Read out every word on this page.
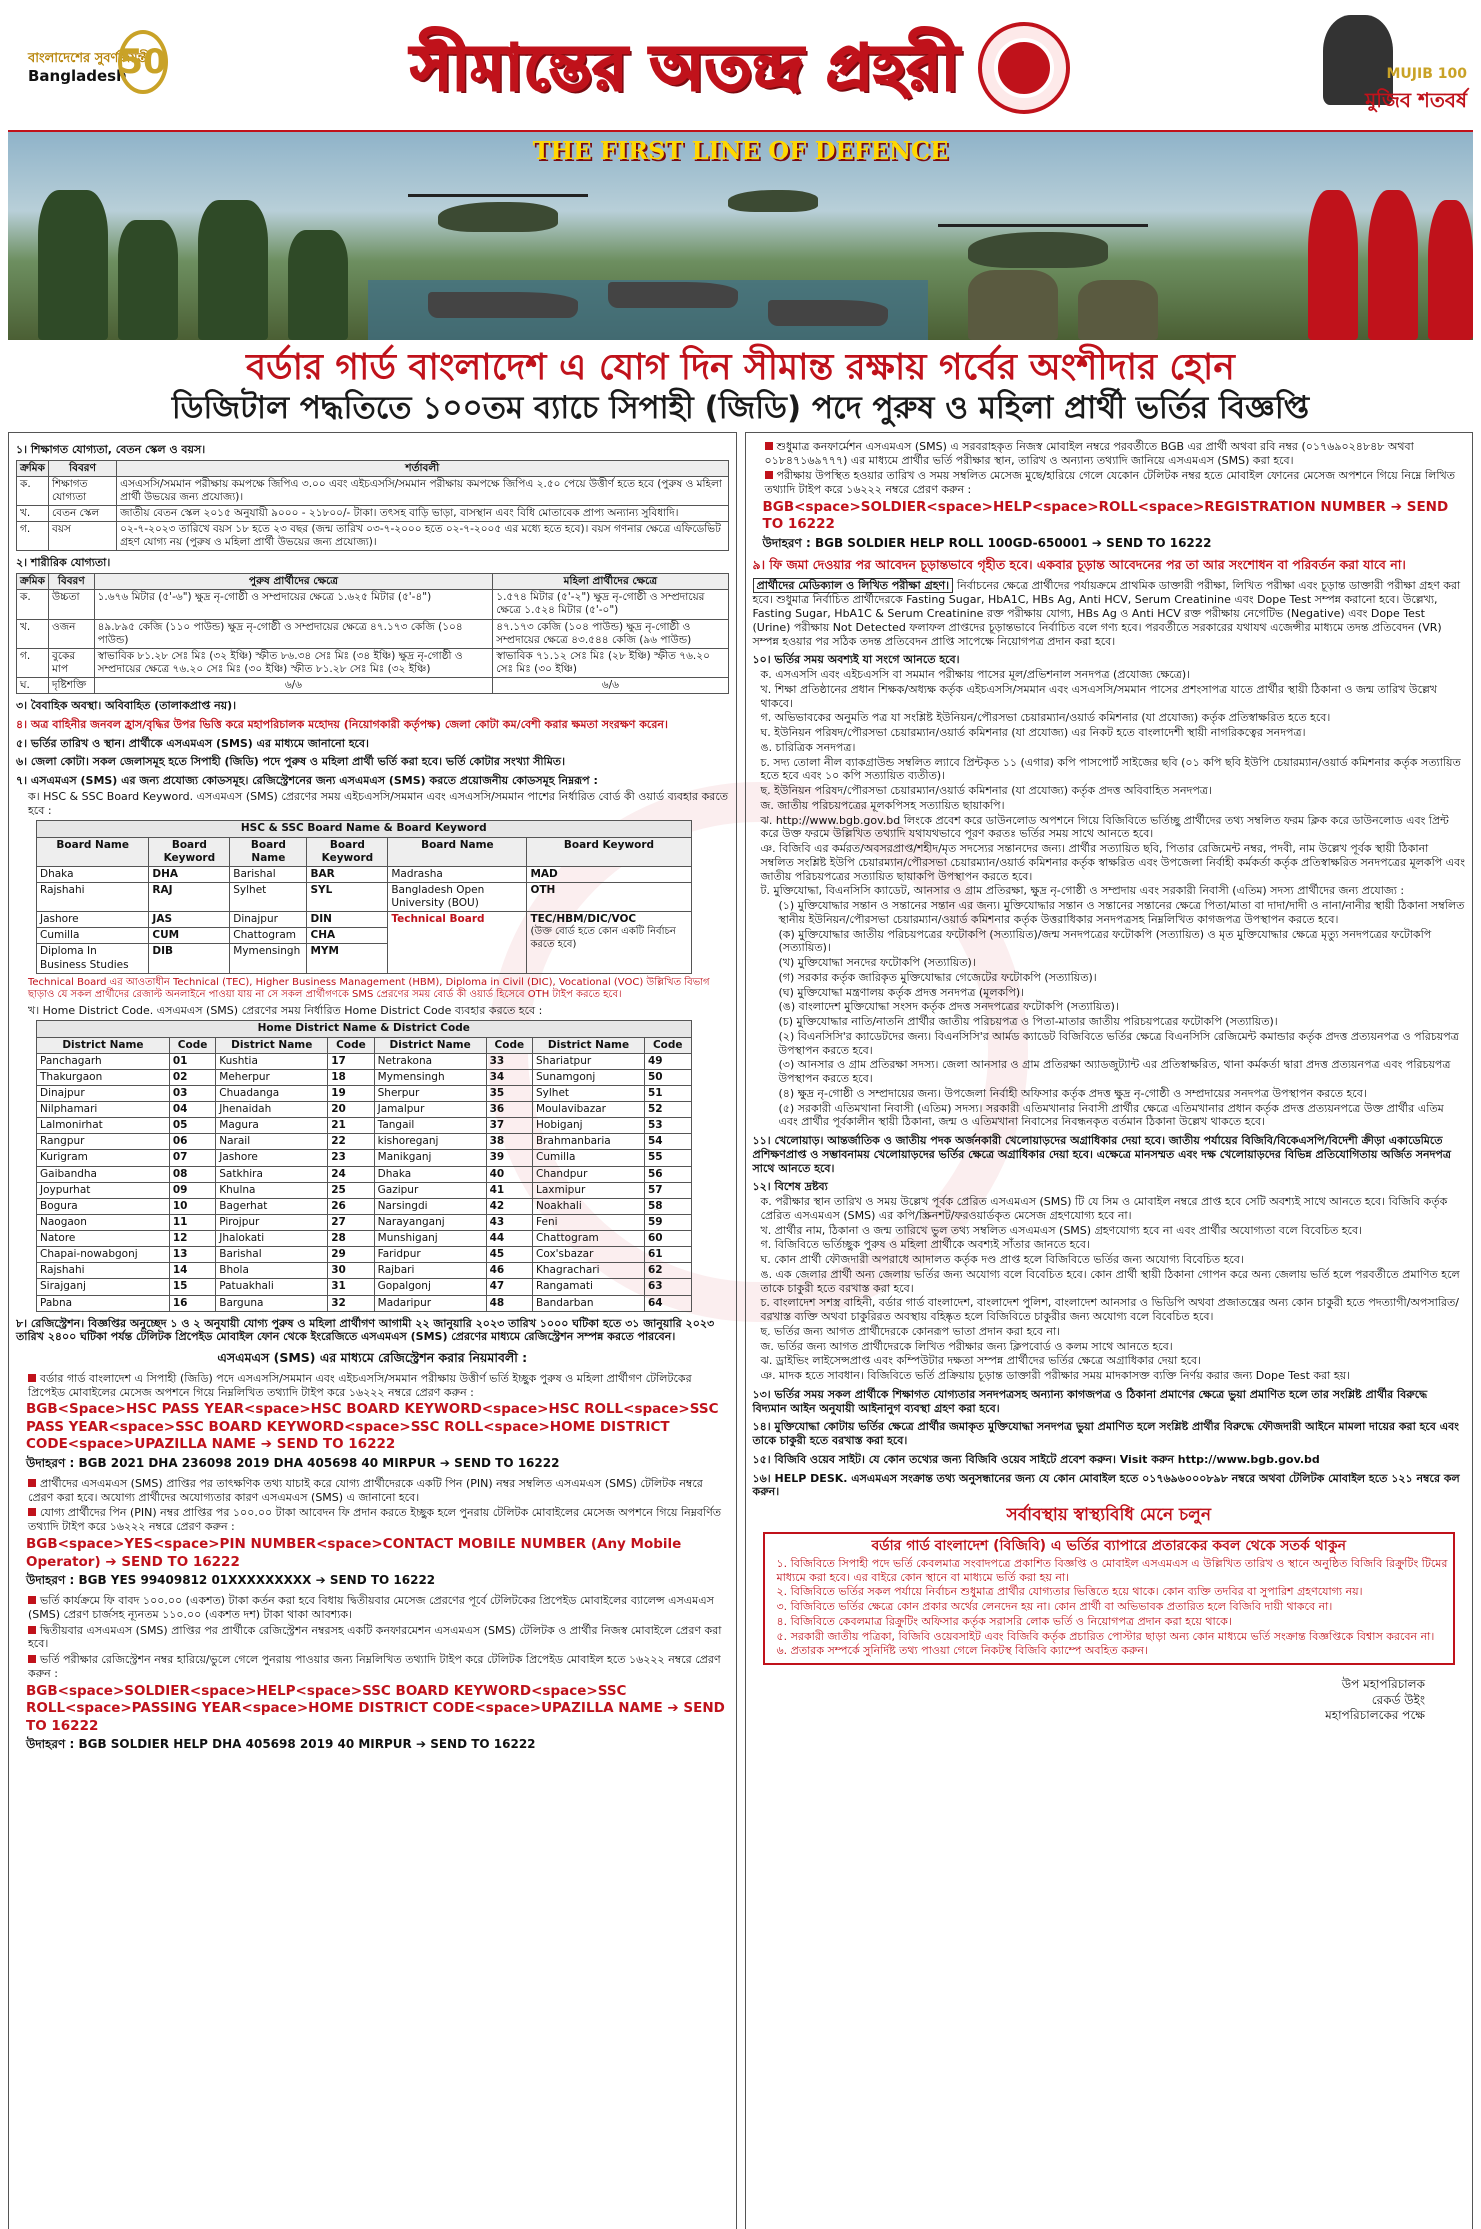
বাংলাদেশের সুবর্ণজয়ন্তী
Bangladesh
50	সীমান্তের অতন্দ্র প্রহরী	MUJIB 100
মুজিব শতবর্ষ
THE FIRST LINE OF DEFENCE
বর্ডার গার্ড বাংলাদেশ এ যোগ দিন সীমান্ত রক্ষায় গর্বের অংশীদার হোন
ডিজিটাল পদ্ধতিতে ১০০তম ব্যাচে সিপাহী (জিডি) পদে পুরুষ ও মহিলা প্রার্থী ভর্তির বিজ্ঞপ্তি
১। শিক্ষাগত যোগ্যতা, বেতন স্কেল ও বয়স।
ক্রমিক	বিবরণ	শর্তাবলী
ক.	শিক্ষাগত যোগ্যতা	এসএসসি/সমমান পরীক্ষায় কমপক্ষে জিপিএ ৩.০০ এবং এইচএসসি/সমমান পরীক্ষায় কমপক্ষে জিপিএ ২.৫০ পেয়ে উত্তীর্ণ হতে হবে (পুরুষ ও মহিলা প্রার্থী উভয়ের জন্য প্রযোজ্য)।
খ.	বেতন স্কেল	জাতীয় বেতন স্কেল ২০১৫ অনুযায়ী ৯০০০ - ২১৮০০/- টাকা। তৎসহ বাড়ি ভাড়া, বাসস্থান এবং বিধি মোতাবেক প্রাপ্য অন্যান্য সুবিধাদি।
গ.	বয়স	০২-৭-২০২৩ তারিখে বয়স ১৮ হতে ২৩ বছর (জন্ম তারিখ ০৩-৭-২০০০ হতে ০২-৭-২০০৫ এর মধ্যে হতে হবে)। বয়স গণনার ক্ষেত্রে এফিডেভিট গ্রহণ যোগ্য নয় (পুরুষ ও মহিলা প্রার্থী উভয়ের জন্য প্রযোজ্য)।
২। শারীরিক যোগ্যতা।
ক্রমিক	বিবরণ	পুরুষ প্রার্থীদের ক্ষেত্রে	মহিলা প্রার্থীদের ক্ষেত্রে
ক.	উচ্চতা	১.৬৭৬ মিটার (৫'-৬") ক্ষুদ্র নৃ-গোষ্ঠী ও সম্প্রদায়ের ক্ষেত্রে ১.৬২৫ মিটার (৫'-৪")	১.৫৭৪ মিটার (৫'-২") ক্ষুদ্র নৃ-গোষ্ঠী ও সম্প্রদায়ের ক্ষেত্রে ১.৫২৪ মিটার (৫'-০")
খ.	ওজন	৪৯.৮৯৫ কেজি (১১০ পাউন্ড) ক্ষুদ্র নৃ-গোষ্ঠী ও সম্প্রদায়ের ক্ষেত্রে ৪৭.১৭৩ কেজি (১০৪ পাউন্ড)	৪৭.১৭৩ কেজি (১০৪ পাউন্ড) ক্ষুদ্র নৃ-গোষ্ঠী ও সম্প্রদায়ের ক্ষেত্রে ৪৩.৫৪৪ কেজি (৯৬ পাউন্ড)
গ.	বুকের মাপ	স্বাভাবিক ৮১.২৮ সেঃ মিঃ (৩২ ইঞ্চি) স্ফীত ৮৬.৩৪ সেঃ মিঃ (৩৪ ইঞ্চি) ক্ষুদ্র নৃ-গোষ্ঠী ও সম্প্রদায়ের ক্ষেত্রে ৭৬.২০ সেঃ মিঃ (৩০ ইঞ্চি) স্ফীত ৮১.২৮ সেঃ মিঃ (৩২ ইঞ্চি)	স্বাভাবিক ৭১.১২ সেঃ মিঃ (২৮ ইঞ্চি) স্ফীত ৭৬.২০ সেঃ মিঃ (৩০ ইঞ্চি)
ঘ.	দৃষ্টিশক্তি	৬/৬	৬/৬
৩। বৈবাহিক অবস্থা। অবিবাহিত (তালাকপ্রাপ্ত নয়)।
৪। অত্র বাহিনীর জনবল হ্রাস/বৃদ্ধির উপর ভিত্তি করে মহাপরিচালক মহোদয় (নিয়োগকারী কর্তৃপক্ষ) জেলা কোটা কম/বেশী করার ক্ষমতা সংরক্ষণ করেন।
৫। ভর্তির তারিখ ও স্থান। প্রার্থীকে এসএমএস (SMS) এর মাধ্যমে জানানো হবে।
৬। জেলা কোটা। সকল জেলাসমূহ হতে সিপাহী (জিডি) পদে পুরুষ ও মহিলা প্রার্থী ভর্তি করা হবে। ভর্তি কোটার সংখ্যা সীমিত।
৭। এসএমএস (SMS) এর জন্য প্রযোজ্য কোডসমূহ। রেজিস্ট্রেশনের জন্য এসএমএস (SMS) করতে প্রয়োজনীয় কোডসমূহ নিম্নরূপ :
ক। HSC & SSC Board Keyword. এসএমএস (SMS) প্রেরণের সময় এইচএসসি/সমমান এবং এসএসসি/সমমান পাশের নির্ধারিত বোর্ড কী ওয়ার্ড ব্যবহার করতে হবে :
HSC & SSC Board Name & Board Keyword					
Board Name	Board Keyword	Board Name	Board Keyword	Board Name	Board Keyword
Dhaka	DHA	Barishal	BAR	Madrasha	MAD
Rajshahi	RAJ	Sylhet	SYL	Bangladesh Open University (BOU)	OTH
Jashore	JAS	Dinajpur	DIN	Technical Board	TEC/HBM/DIC/VOC
(উক্ত বোর্ড হতে কোন একটি নির্বাচন করতে হবে)

Cumilla	CUM	Chattogram	CHA		
Diploma In Business Studies	DIB	Mymensingh	MYM		
Technical Board এর আওতাধীন Technical (TEC), Higher Business Management (HBM), Diploma in Civil (DIC), Vocational (VOC) উল্লিখিত বিভাগ ছাড়াও যে সকল প্রার্থীদের রেজাল্ট অনলাইনে পাওয়া যায় না সে সকল প্রার্থীগণকে SMS প্রেরণের সময় বোর্ড কী ওয়ার্ড হিসেবে OTH টাইপ করতে হবে।
খ। Home District Code. এসএমএস (SMS) প্রেরণের সময় নির্ধারিত Home District Code ব্যবহার করতে হবে :
Home District Name & District Code							
District Name	Code	District Name	Code	District Name	Code	District Name	Code
Panchagarh	01	Kushtia	17	Netrakona	33	Shariatpur	49
Thakurgaon	02	Meherpur	18	Mymensingh	34	Sunamgonj	50
Dinajpur	03	Chuadanga	19	Sherpur	35	Sylhet	51
Nilphamari	04	Jhenaidah	20	Jamalpur	36	Moulavibazar	52
Lalmonirhat	05	Magura	21	Tangail	37	Hobiganj	53
Rangpur	06	Narail	22	kishoreganj	38	Brahmanbaria	54
Kurigram	07	Jashore	23	Manikganj	39	Cumilla	55
Gaibandha	08	Satkhira	24	Dhaka	40	Chandpur	56
Joypurhat	09	Khulna	25	Gazipur	41	Laxmipur	57
Bogura	10	Bagerhat	26	Narsingdi	42	Noakhali	58
Naogaon	11	Pirojpur	27	Narayanganj	43	Feni	59
Natore	12	Jhalokati	28	Munshiganj	44	Chattogram	60
Chapai-nowabgonj	13	Barishal	29	Faridpur	45	Cox'sbazar	61
Rajshahi	14	Bhola	30	Rajbari	46	Khagrachari	62
Sirajganj	15	Patuakhali	31	Gopalgonj	47	Rangamati	63
Pabna	16	Barguna	32	Madaripur	48	Bandarban	64
৮। রেজিস্ট্রেশন। বিজ্ঞপ্তির অনুচ্ছেদ ১ ও ২ অনুযায়ী যোগ্য পুরুষ ও মহিলা প্রার্থীগণ আগামী ২২ জানুয়ারি ২০২৩ তারিখ ১০০০ ঘটিকা হতে ৩১ জানুয়ারি ২০২৩ তারিখ ২৪০০ ঘটিকা পর্যন্ত টেলিটক প্রিপেইড মোবাইল ফোন থেকে ইংরেজিতে এসএমএস (SMS) প্রেরণের মাধ্যমে রেজিস্ট্রেশন সম্পন্ন করতে পারবেন।
এসএমএস (SMS) এর মাধ্যমে রেজিস্ট্রেশন করার নিয়মাবলী :
বর্ডার গার্ড বাংলাদেশ এ সিপাহী (জিডি) পদে এসএসসি/সমমান এবং এইচএসসি/সমমান পরীক্ষায় উত্তীর্ণ ভর্তি ইচ্ছুক পুরুষ ও মহিলা প্রার্থীগণ টেলিটকের প্রিপেইড মোবাইলের মেসেজ অপশনে গিয়ে নিম্নলিখিত তথ্যাদি টাইপ করে ১৬২২২ নম্বরে প্রেরণ করুন :
BGB<Space>HSC PASS YEAR<space>HSC BOARD KEYWORD<space>HSC ROLL<space>SSC PASS YEAR<space>SSC BOARD KEYWORD<space>SSC ROLL<space>HOME DISTRICT CODE<space>UPAZILLA NAME ➔ SEND TO 16222
উদাহরণ : BGB 2021 DHA 236098 2019 DHA 405698 40 MIRPUR ➔ SEND TO 16222
প্রার্থীদের এসএমএস (SMS) প্রাপ্তির পর তাৎক্ষণিক তথ্য যাচাই করে যোগ্য প্রার্থীদেরকে একটি পিন (PIN) নম্বর সম্বলিত এসএমএস (SMS) টেলিটক নম্বরে প্রেরণ করা হবে। অযোগ্য প্রার্থীদের অযোগ্যতার কারণ এসএমএস (SMS) এ জানানো হবে।
যোগ্য প্রার্থীদের পিন (PIN) নম্বর প্রাপ্তির পর ১০০.০০ টাকা আবেদন ফি প্রদান করতে ইচ্ছুক হলে পুনরায় টেলিটক মোবাইলের মেসেজ অপশনে গিয়ে নিম্নবর্ণিত তথ্যাদি টাইপ করে ১৬২২২ নম্বরে প্রেরণ করুন :
BGB<space>YES<space>PIN NUMBER<space>CONTACT MOBILE NUMBER (Any Mobile Operator) ➔ SEND TO 16222
উদাহরণ : BGB YES 99409812 01XXXXXXXXX ➔ SEND TO 16222
ভর্তি কার্যক্রমে ফি বাবদ ১০০.০০ (একশত) টাকা কর্তন করা হবে বিধায় দ্বিতীয়বার মেসেজ প্রেরণের পূর্বে টেলিটকের প্রিপেইড মোবাইলের ব্যালেন্স এসএমএস (SMS) প্রেরণ চার্জসহ ন্যূনতম ১১০.০০ (একশত দশ) টাকা থাকা আবশ্যক।
দ্বিতীয়বার এসএমএস (SMS) প্রাপ্তির পর প্রার্থীকে রেজিস্ট্রেশন নম্বরসহ একটি কনফারমেশন এসএমএস (SMS) টেলিটক ও প্রার্থীর নিজস্ব মোবাইলে প্রেরণ করা হবে।
ভর্তি পরীক্ষার রেজিস্ট্রেশন নম্বর হারিয়ে/ভুলে গেলে পুনরায় পাওয়ার জন্য নিম্নলিখিত তথ্যাদি টাইপ করে টেলিটক প্রিপেইড মোবাইল হতে ১৬২২২ নম্বরে প্রেরণ করুন :
BGB<space>SOLDIER<space>HELP<space>SSC BOARD KEYWORD<space>SSC ROLL<space>PASSING YEAR<space>HOME DISTRICT CODE<space>UPAZILLA NAME ➔ SEND TO 16222
উদাহরণ : BGB SOLDIER HELP DHA 405698 2019 40 MIRPUR ➔ SEND TO 16222
শুধুমাত্র কনফার্মেশন এসএমএস (SMS) এ সরবরাহকৃত নিজস্ব মোবাইল নম্বরে পরবর্তীতে BGB এর প্রার্থী অথবা রবি নম্বর (০১৭৬৯০২৪৮৪৮ অথবা ০১৮৪৭১৬৯৭৭৭) এর মাধ্যমে প্রার্থীর ভর্তি পরীক্ষার স্থান, তারিখ ও অন্যান্য তথ্যাদি জানিয়ে এসএমএস (SMS) করা হবে।
পরীক্ষায় উপস্থিত হওয়ার তারিখ ও সময় সম্বলিত মেসেজ মুছে/হারিয়ে গেলে যেকোন টেলিটক নম্বর হতে মোবাইল ফোনের মেসেজ অপশনে গিয়ে নিম্নে লিখিত তথ্যাদি টাইপ করে ১৬২২২ নম্বরে প্রেরণ করুন :
BGB<space>SOLDIER<space>HELP<space>ROLL<space>REGISTRATION NUMBER ➔ SEND TO 16222
উদাহরণ : BGB SOLDIER HELP ROLL 100GD-650001 ➔ SEND TO 16222
৯। ফি জমা দেওয়ার পর আবেদন চূড়ান্তভাবে গৃহীত হবে। একবার চূড়ান্ত আবেদনের পর তা আর সংশোধন বা পরিবর্তন করা যাবে না।
প্রার্থীদের মেডিক্যাল ও লিখিত পরীক্ষা গ্রহণ। নির্বাচনের ক্ষেত্রে প্রার্থীদের পর্যায়ক্রমে প্রাথমিক ডাক্তারী পরীক্ষা, লিখিত পরীক্ষা এবং চূড়ান্ত ডাক্তারী পরীক্ষা গ্রহণ করা হবে। শুধুমাত্র নির্বাচিত প্রার্থীদেরকে Fasting Sugar, HbA1C, HBs Ag, Anti HCV, Serum Creatinine এবং Dope Test সম্পন্ন করানো হবে। উল্লেখ্য, Fasting Sugar, HbA1C & Serum Creatinine রক্ত পরীক্ষায় যোগ্য, HBs Ag ও Anti HCV রক্ত পরীক্ষায় নেগেটিভ (Negative) এবং Dope Test (Urine) পরীক্ষায় Not Detected ফলাফল প্রাপ্তদের চূড়ান্তভাবে নির্বাচিত বলে গণ্য হবে। পরবর্তীতে সরকারের যথাযথ এজেন্সীর মাধ্যমে তদন্ত প্রতিবেদন (VR) সম্পন্ন হওয়ার পর সঠিক তদন্ত প্রতিবেদন প্রাপ্তি সাপেক্ষে নিয়োগপত্র প্রদান করা হবে।
১০। ভর্তির সময় অবশ্যই যা সংগে আনতে হবে।
ক. এসএসসি এবং এইচএসসি বা সমমান পরীক্ষায় পাসের মূল/প্রভিশনাল সনদপত্র (প্রযোজ্য ক্ষেত্রে)।
খ. শিক্ষা প্রতিষ্ঠানের প্রধান শিক্ষক/অধ্যক্ষ কর্তৃক এইচএসসি/সমমান এবং এসএসসি/সমমান পাসের প্রশংসাপত্র যাতে প্রার্থীর স্থায়ী ঠিকানা ও জন্ম তারিখ উল্লেখ থাকবে।
গ. অভিভাবকের অনুমতি পত্র যা সংশ্লিষ্ট ইউনিয়ন/পৌরসভা চেয়ারম্যান/ওয়ার্ড কমিশনার (যা প্রযোজ্য) কর্তৃক প্রতিস্বাক্ষরিত হতে হবে।
ঘ. ইউনিয়ন পরিষদ/পৌরসভা চেয়ারম্যান/ওয়ার্ড কমিশনার (যা প্রযোজ্য) এর নিকট হতে বাংলাদেশী স্থায়ী নাগরিকত্বের সনদপত্র।
ঙ. চারিত্রিক সনদপত্র।
চ. সদ্য তোলা নীল ব্যাকগ্রাউন্ড সম্বলিত ল্যাবে প্রিন্টকৃত ১১ (এগার) কপি পাসপোর্ট সাইজের ছবি (০১ কপি ছবি ইউপি চেয়ারম্যান/ওয়ার্ড কমিশনার কর্তৃক সত্যায়িত হতে হবে এবং ১০ কপি সত্যায়িত ব্যতীত)।
ছ. ইউনিয়ন পরিষদ/পৌরসভা চেয়ারম্যান/ওয়ার্ড কমিশনার (যা প্রযোজ্য) কর্তৃক প্রদত্ত অবিবাহিত সনদপত্র।
জ. জাতীয় পরিচয়পত্রের মূলকপিসহ সত্যায়িত ছায়াকপি।
ঝ. http://www.bgb.gov.bd লিংকে প্রবেশ করে ডাউনলোড অপশনে গিয়ে বিজিবিতে ভর্তিচ্ছু প্রার্থীদের তথ্য সম্বলিত ফরম ক্লিক করে ডাউনলোড এবং প্রিন্ট করে উক্ত ফরমে উল্লিখিত তথ্যাদি যথাযথভাবে পূরণ করতঃ ভর্তির সময় সাথে আনতে হবে।
ঞ. বিজিবি এর কর্মরত/অবসরপ্রাপ্ত/শহীদ/মৃত সদস্যের সন্তানদের জন্য। প্রার্থীর সত্যায়িত ছবি, পিতার রেজিমেন্ট নম্বর, পদবী, নাম উল্লেখ পূর্বক স্থায়ী ঠিকানা সম্বলিত সংশ্লিষ্ট ইউপি চেয়ারম্যান/পৌরসভা চেয়ারম্যান/ওয়ার্ড কমিশনার কর্তৃক স্বাক্ষরিত এবং উপজেলা নির্বাহী কর্মকর্তা কর্তৃক প্রতিস্বাক্ষরিত সনদপত্রের মূলকপি এবং জাতীয় পরিচয়পত্রের সত্যায়িত ছায়াকপি উপস্থাপন করতে হবে।
ট. মুক্তিযোদ্ধা, বিএনসিসি ক্যাডেট, আনসার ও গ্রাম প্রতিরক্ষা, ক্ষুদ্র নৃ-গোষ্ঠী ও সম্প্রদায় এবং সরকারী নিবাসী (এতিম) সদস্য প্রার্থীদের জন্য প্রযোজ্য :
(১) মুক্তিযোদ্ধার সন্তান ও সন্তানের সন্তান এর জন্য। মুক্তিযোদ্ধার সন্তান ও সন্তানের সন্তানের ক্ষেত্রে পিতা/মাতা বা দাদা/দাদী ও নানা/নানীর স্থায়ী ঠিকানা সম্বলিত স্থানীয় ইউনিয়ন/পৌরসভা চেয়ারম্যান/ওয়ার্ড কমিশনার কর্তৃক উত্তরাধিকার সনদপত্রসহ নিম্নলিখিত কাগজপত্র উপস্থাপন করতে হবে।
(ক) মুক্তিযোদ্ধার জাতীয় পরিচয়পত্রের ফটোকপি (সত্যায়িত)/জন্ম সনদপত্রের ফটোকপি (সত্যায়িত) ও মৃত মুক্তিযোদ্ধার ক্ষেত্রে মৃত্যু সনদপত্রের ফটোকপি (সত্যায়িত)।
(খ) মুক্তিযোদ্ধা সনদের ফটোকপি (সত্যায়িত)।
(গ) সরকার কর্তৃক জারিকৃত মুক্তিযোদ্ধার গেজেটের ফটোকপি (সত্যায়িত)।
(ঘ) মুক্তিযোদ্ধা মন্ত্রণালয় কর্তৃক প্রদত্ত সনদপত্র (মূলকপি)।
(ঙ) বাংলাদেশ মুক্তিযোদ্ধা সংসদ কর্তৃক প্রদত্ত সনদপত্রের ফটোকপি (সত্যায়িত)।
(চ) মুক্তিযোদ্ধার নাতি/নাতনি প্রার্থীর জাতীয় পরিচয়পত্র ও পিতা-মাতার জাতীয় পরিচয়পত্রের ফটোকপি (সত্যায়িত)।
(২) বিএনসিসি'র ক্যাডেটদের জন্য। বিএনসিসি'র আর্মড ক্যাডেট বিজিবিতে ভর্তির ক্ষেত্রে বিএনসিসি রেজিমেন্ট কমান্ডার কর্তৃক প্রদত্ত প্রত্যয়নপত্র ও পরিচয়পত্র উপস্থাপন করতে হবে।
(৩) আনসার ও গ্রাম প্রতিরক্ষা সদস্য। জেলা আনসার ও গ্রাম প্রতিরক্ষা অ্যাডজুট্যান্ট এর প্রতিস্বাক্ষরিত, থানা কর্মকর্তা দ্বারা প্রদত্ত প্রত্যয়নপত্র এবং পরিচয়পত্র উপস্থাপন করতে হবে।
(৪) ক্ষুদ্র নৃ-গোষ্ঠী ও সম্প্রদায়ের জন্য। উপজেলা নির্বাহী অফিসার কর্তৃক প্রদত্ত ক্ষুদ্র নৃ-গোষ্ঠী ও সম্প্রদায়ের সনদপত্র উপস্থাপন করতে হবে।
(৫) সরকারী এতিমখানা নিবাসী (এতিম) সদস্য। সরকারী এতিমখানার নিবাসী প্রার্থীর ক্ষেত্রে এতিমখানার প্রধান কর্তৃক প্রদত্ত প্রত্যয়নপত্রে উক্ত প্রার্থীর এতিম এবং প্রার্থীর পূর্বকালীন স্থায়ী ঠিকানা, জন্ম ও এতিমখানা নিবাসের নিবন্ধনকৃত বর্তমান ঠিকানা উল্লেখ থাকতে হবে।
১১। খেলোয়াড়। আন্তর্জাতিক ও জাতীয় পদক অর্জনকারী খেলোয়াড়দের অগ্রাধিকার দেয়া হবে। জাতীয় পর্যায়ের বিজিবি/বিকেএসপি/বিদেশী ক্রীড়া একাডেমিতে প্রশিক্ষণপ্রাপ্ত ও সম্ভাবনাময় খেলোয়াড়দের ভর্তির ক্ষেত্রে অগ্রাধিকার দেয়া হবে। এক্ষেত্রে মানসম্মত এবং দক্ষ খেলোয়াড়দের বিভিন্ন প্রতিযোগিতায় অর্জিত সনদপত্র সাথে আনতে হবে।
১২। বিশেষ দ্রষ্টব্য
ক. পরীক্ষার স্থান তারিখ ও সময় উল্লেখ পূর্বক প্রেরিত এসএমএস (SMS) টি যে সিম ও মোবাইল নম্বরে প্রাপ্ত হবে সেটি অবশ্যই সাথে আনতে হবে। বিজিবি কর্তৃক প্রেরিত এসএমএস (SMS) এর কপি/স্ক্রিনশট/ফরওয়ার্ডকৃত মেসেজ গ্রহণযোগ্য হবে না।
খ. প্রার্থীর নাম, ঠিকানা ও জন্ম তারিখে ভুল তথ্য সম্বলিত এসএমএস (SMS) গ্রহণযোগ্য হবে না এবং প্রার্থীর অযোগ্যতা বলে বিবেচিত হবে।
গ. বিজিবিতে ভর্তিচ্ছুক পুরুষ ও মহিলা প্রার্থীকে অবশ্যই সাঁতার জানতে হবে।
ঘ. কোন প্রার্থী ফৌজদারী অপরাধে আদালত কর্তৃক দণ্ড প্রাপ্ত হলে বিজিবিতে ভর্তির জন্য অযোগ্য বিবেচিত হবে।
ঙ. এক জেলার প্রার্থী অন্য জেলায় ভর্তির জন্য অযোগ্য বলে বিবেচিত হবে। কোন প্রার্থী স্থায়ী ঠিকানা গোপন করে অন্য জেলায় ভর্তি হলে পরবর্তীতে প্রমাণিত হলে তাকে চাকুরী হতে বরখাস্ত করা হবে।
চ. বাংলাদেশ সশস্ত্র বাহিনী, বর্ডার গার্ড বাংলাদেশ, বাংলাদেশ পুলিশ, বাংলাদেশ আনসার ও ভিডিপি অথবা প্রজাতন্ত্রের অন্য কোন চাকুরী হতে পদত্যাগী/অপসারিত/বরখাস্ত ব্যক্তি অথবা চাকুরিরত অবস্থায় বহিষ্কৃত হলে বিজিবিতে চাকুরীর জন্য অযোগ্য বলে বিবেচিত হবে।
ছ. ভর্তির জন্য আগত প্রার্থীদেরকে কোনরূপ ভাতা প্রদান করা হবে না।
জ. ভর্তির জন্য আগত প্রার্থীদেরকে লিখিত পরীক্ষার জন্য ক্লিপবোর্ড ও কলম সাথে আনতে হবে।
ঝ. ড্রাইভিং লাইসেন্সপ্রাপ্ত এবং কম্পিউটার দক্ষতা সম্পন্ন প্রার্থীদের ভর্তির ক্ষেত্রে অগ্রাধিকার দেয়া হবে।
ঞ. মাদক হতে সাবধান। বিজিবিতে ভর্তি প্রক্রিয়ায় চূড়ান্ত ডাক্তারী পরীক্ষার সময় মাদকাসক্ত ব্যক্তি নির্ণয় করার জন্য Dope Test করা হয়।
১৩। ভর্তির সময় সকল প্রার্থীকে শিক্ষাগত যোগ্যতার সনদপত্রসহ অন্যান্য কাগজপত্র ও ঠিকানা প্রমাণের ক্ষেত্রে ভুয়া প্রমাণিত হলে তার সংশ্লিষ্ট প্রার্থীর বিরুদ্ধে বিদ্যমান আইন অনুযায়ী আইনানুগ ব্যবস্থা গ্রহণ করা হবে।
১৪। মুক্তিযোদ্ধা কোটায় ভর্তির ক্ষেত্রে প্রার্থীর জমাকৃত মুক্তিযোদ্ধা সনদপত্র ভুয়া প্রমাণিত হলে সংশ্লিষ্ট প্রার্থীর বিরুদ্ধে ফৌজদারী আইনে মামলা দায়ের করা হবে এবং তাকে চাকুরী হতে বরখাস্ত করা হবে।
১৫। বিজিবি ওয়েব সাইট। যে কোন তথ্যের জন্য বিজিবি ওয়েব সাইটে প্রবেশ করুন। Visit করুন http://www.bgb.gov.bd
১৬। HELP DESK. এসএমএস সংক্রান্ত তথ্য অনুসন্ধানের জন্য যে কোন মোবাইল হতে ০১৭৬৯৬০০০৮৯৮ নম্বরে অথবা টেলিটক মোবাইল হতে ১২১ নম্বরে কল করুন।
সর্বাবস্থায় স্বাস্থ্যবিধি মেনে চলুন
বর্ডার গার্ড বাংলাদেশ (বিজিবি) এ ভর্তির ব্যাপারে প্রতারকের কবল থেকে সতর্ক থাকুন
১. বিজিবিতে সিপাহী পদে ভর্তি কেবলমাত্র সংবাদপত্রে প্রকাশিত বিজ্ঞপ্তি ও মোবাইল এসএমএস এ উল্লিখিত তারিখ ও স্থানে অনুষ্ঠিত বিজিবি রিক্রুটিং টিমের মাধ্যমে করা হবে। এর বাইরে কোন স্থানে বা মাধ্যমে ভর্তি করা হয় না।
২. বিজিবিতে ভর্তির সকল পর্যায়ে নির্বাচন শুধুমাত্র প্রার্থীর যোগ্যতার ভিত্তিতে হয়ে থাকে। কোন ব্যক্তি তদবির বা সুপারিশ গ্রহণযোগ্য নয়।
৩. বিজিবিতে ভর্তির ক্ষেত্রে কোন প্রকার অর্থের লেনদেন হয় না। কোন প্রার্থী বা অভিভাবক প্রতারিত হলে বিজিবি দায়ী থাকবে না।
৪. বিজিবিতে কেবলমাত্র রিক্রুটিং অফিসার কর্তৃক সরাসরি লোক ভর্তি ও নিয়োগপত্র প্রদান করা হয়ে থাকে।
৫. সরকারী জাতীয় পত্রিকা, বিজিবি ওয়েবসাইট এবং বিজিবি কর্তৃক প্রচারিত পোস্টার ছাড়া অন্য কোন মাধ্যমে ভর্তি সংক্রান্ত বিজ্ঞপ্তিকে বিশ্বাস করবেন না।
৬. প্রতারক সম্পর্কে সুনির্দিষ্ট তথ্য পাওয়া গেলে নিকটস্থ বিজিবি ক্যাম্পে অবহিত করুন।
উপ মহাপরিচালক
রেকর্ড উইং
মহাপরিচালকের পক্ষে
